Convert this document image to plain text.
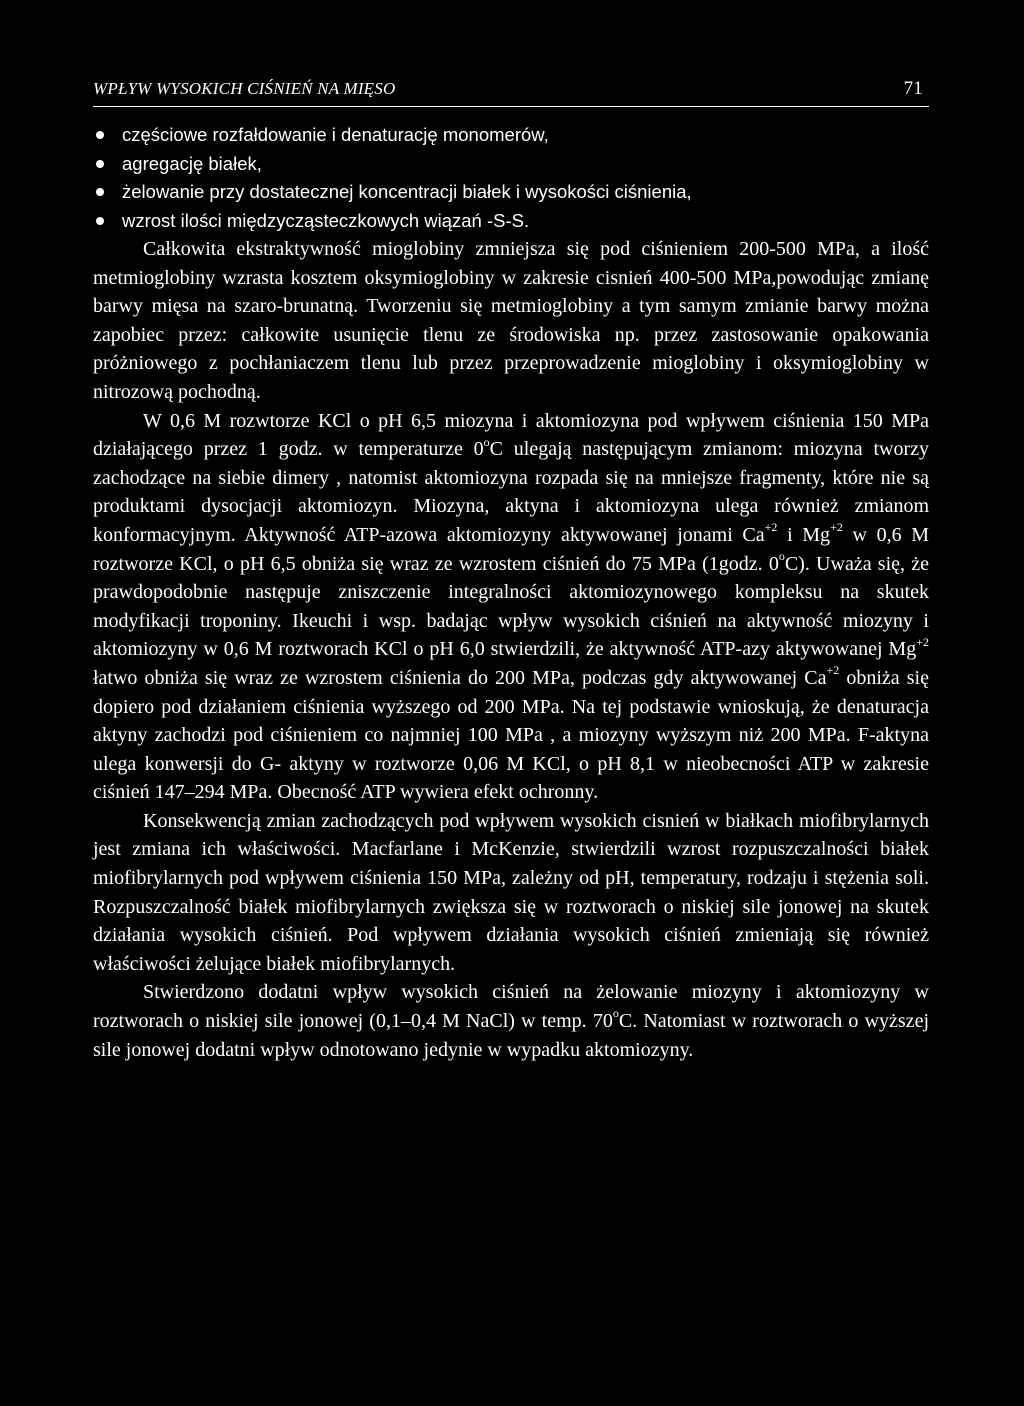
WPŁYW WYSOKICH CIŚNIEŃ NA MIĘSO	71
częściowe rozfałdowanie i denaturację monomerów,
agregację białek,
żelowanie przy dostatecznej koncentracji białek i wysokości ciśnienia,
wzrost ilości międzycząsteczkowych wiązań -S-S.

Całkowita ekstraktywność mioglobiny zmniejsza się pod ciśnieniem 200-500 MPa, a ilość metmioglobiny wzrasta kosztem oksymioglobiny w zakresie cisnień 400-500 MPa,powodując zmianę barwy mięsa na szaro-brunatną. Tworzeniu się metmioglobiny a tym samym zmianie barwy można zapobiec przez: całkowite usunięcie tlenu ze środowiska np. przez zastosowanie opakowania próżniowego z pochłaniaczem tlenu lub przez przeprowadzenie mioglobiny i oksymioglobiny w nitrozową pochodną.

W 0,6 M rozwtorze KCl o pH 6,5 miozyna i aktomiozyna pod wpływem ciśnienia 150 MPa działającego przez 1 godz. w temperaturze 0$^o$C ulegają następującym zmianom: miozyna tworzy zachodzące na siebie dimery , natomist aktomiozyna rozpada się na mniejsze fragmenty, które nie są produktami dysocjacji aktomiozyn. Miozyna, aktyna i aktomiozyna ulega również zmianom konformacyjnym. Aktywność ATP-azowa aktomiozyny aktywowanej jonami $Ca^{+2}$ i $Mg^{+2}$ w 0,6 M roztworze KCl, o pH 6,5 obniża się wraz ze wzrostem ciśnień do 75 MPa (1godz. 0$^o$C). Uważa się, że prawdopodobnie następuje zniszczenie integralności aktomiozynowego kompleksu na skutek modyfikacji troponiny. Ikeuchi i wsp. badając wpływ wysokich ciśnień na aktywność miozyny i aktomiozyny w 0,6 M roztworach KCl o pH 6,0 stwierdzili, że aktywność ATP-azy aktywowanej $Mg^{+2}$ łatwo obniża się wraz ze wzrostem ciśnienia do 200 MPa, podczas gdy aktywowanej $Ca^{+2}$ obniża się dopiero pod działaniem ciśnienia wyższego od 200 MPa. Na tej podstawie wnioskują, że denaturacja aktyny zachodzi pod ciśnieniem co najmniej 100 MPa , a miozyny wyższym niż 200 MPa. F-aktyna ulega konwersji do G- aktyny w roztworze 0,06 M KCl, o pH 8,1 w nieobecności ATP w zakresie ciśnień 147–294 MPa. Obecność ATP wywiera efekt ochronny.

Konsekwencją zmian zachodzących pod wpływem wysokich cisnień w białkach miofibrylarnych jest zmiana ich właściwości. Macfarlane i McKenzie, stwierdzili wzrost rozpuszczalności białek miofibrylarnych pod wpływem ciśnienia 150 MPa, zależny od pH, temperatury, rodzaju i stężenia soli. Rozpuszczalność białek miofibrylarnych zwiększa się w roztworach o niskiej sile jonowej na skutek działania wysokich ciśnień. Pod wpływem działania wysokich ciśnień zmieniają się również właściwości żelujące białek miofibrylarnych.

Stwierdzono dodatni wpływ wysokich ciśnień na żelowanie miozyny i aktomiozyny w roztworach o niskiej sile jonowej (0,1–0,4 M NaCl) w temp. 70$^o$C. Natomiast w roztworach o wyższej sile jonowej dodatni wpływ odnotowano jedynie w wypadku aktomiozyny.
